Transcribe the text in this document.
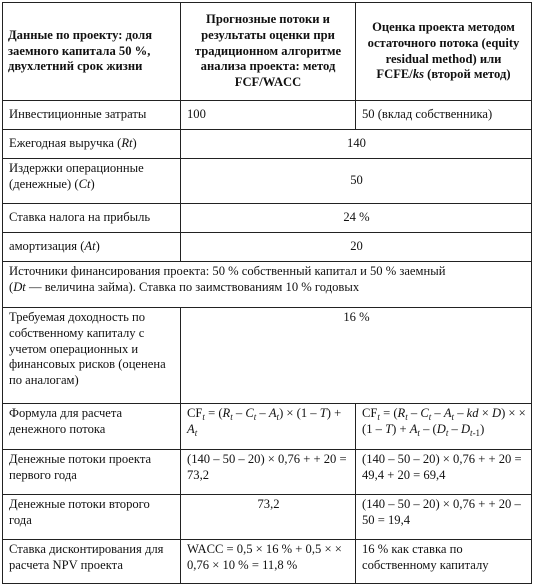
Данные по проекту: доля заемного капитала 50 %, двухлетний срок жизни	Прогнозные потоки и результаты оценки при традиционном алгоритме анализа проекта: метод FCF/WACC	Оценка проекта методом остаточного потока (equity residual method) или FCFE/ks (второй метод)
Инвестиционные затраты	100	50 (вклад собственника)
Ежегодная выручка (Rt)	140	
Издержки операционные (денежные) (Ct)	50	
Ставка налога на прибыль	24 %	
амортизация (At)	20	
Источники финансирования проекта: 50 % собственный капитал и 50 % заемный
(Dt — величина займа). Ставка по заимствованиям 10 % годовых		
Требуемая доходность по собственному капиталу с учетом операционных и финансовых рисков (оценена по аналогам)	16 %	
Формула для расчета денежного потока	$CF_t = (R_t - C_t - A_t) \times (1 - T) + A_t$	$CF_t = (R_t - C_t - A_t$ – kd × D) × × $(1 - T) + A_t - (D_t - D_{t-1})$
Денежные потоки проекта первого года	(140 – 50 – 20) × 0,76 + + 20 = 73,2	(140 – 50 – 20) × 0,76 + + 20 = 49,4 + 20 = 69,4
Денежные потоки второго года	73,2	(140 – 50 – 20) × 0,76 + + 20 – 50 = 19,4
Ставка дисконтирования для расчета NPV проекта	WACC = 0,5 × 16 % + 0,5 × × 0,76 × 10 % = 11,8 %	16 % как ставка по собственному капиталу
